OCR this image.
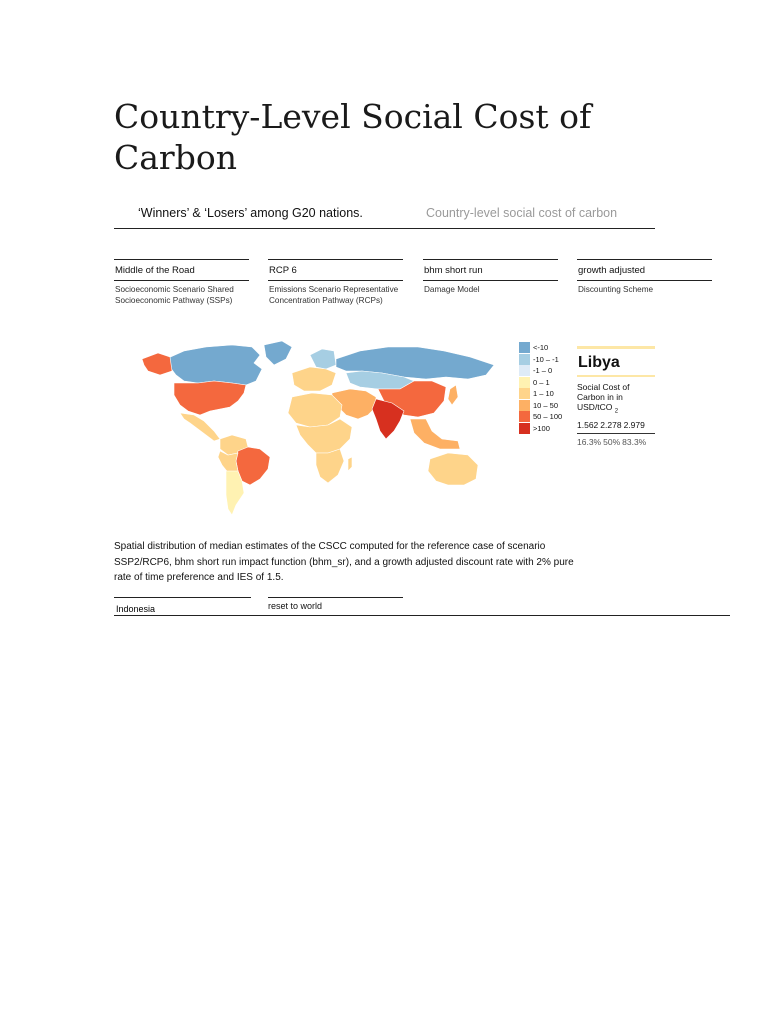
Country-Level Social Cost of Carbon
‘Winners’ & ‘Losers’ among G20 nations.	Country-level social cost of carbon
Middle of the Road
Socioeconomic Scenario Shared Socioeconomic Pathway (SSPs)
RCP 6
Emissions Scenario Representative Concentration Pathway (RCPs)
bhm short run
Damage Model
growth adjusted
Discounting Scheme
<-10
-10 – -1
-1 – 0
0 – 1
1 – 10
10 – 50
50 – 100
>100
Libya
Social Cost of Carbon in in USD/tCO $_2$
1.562 2.278 2.979
16.3% 50% 83.3%

Spatial distribution of median estimates of the CSCC computed for the reference case of scenario SSP2/RCP6, bhm short run impact function (bhm_sr), and a growth adjusted discount rate with 2% pure rate of time preference and IES of 1.5.

Indonesia
reset to world
